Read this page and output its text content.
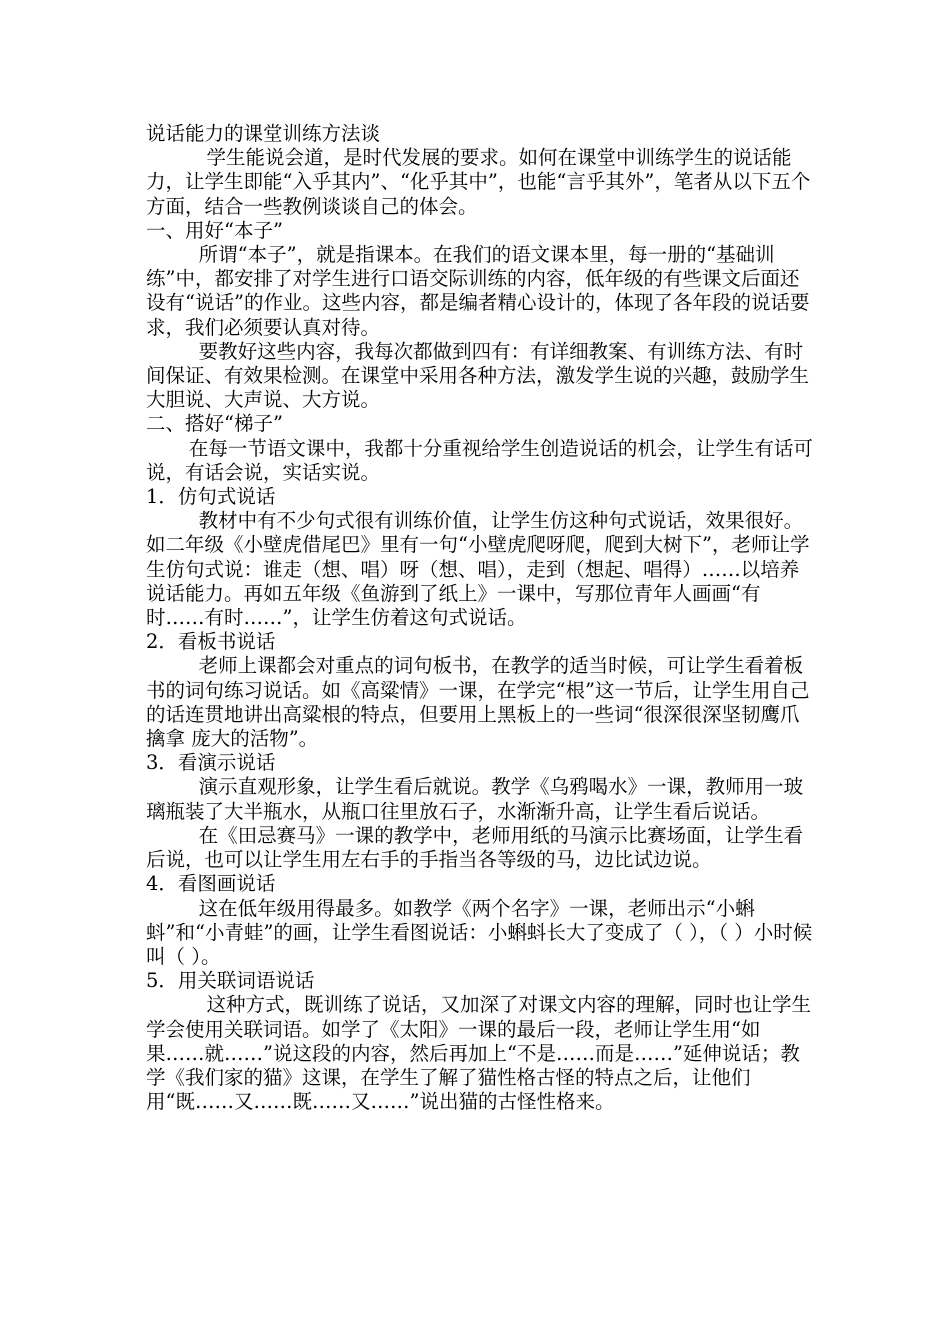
说话能力的课堂训练方法谈

学生能说会道，是时代发展的要求。如何在课堂中训练学生的说话能力，让学生即能“入乎其内”、“化乎其中”，也能“言乎其外”，笔者从以下五个方面，结合一些教例谈谈自己的体会。

一、用好“本子”

所谓“本子”，就是指课本。在我们的语文课本里，每一册的“基础训练”中，都安排了对学生进行口语交际训练的内容，低年级的有些课文后面还设有“说话”的作业。这些内容，都是编者精心设计的，体现了各年段的说话要求，我们必须要认真对待。

要教好这些内容，我每次都做到四有：有详细教案、有训练方法、有时间保证、有效果检测。在课堂中采用各种方法，激发学生说的兴趣，鼓励学生大胆说、大声说、大方说。

二、搭好“梯子”

在每一节语文课中，我都十分重视给学生创造说话的机会，让学生有话可说，有话会说，实话实说。

1．仿句式说话

教材中有不少句式很有训练价值，让学生仿这种句式说话，效果很好。如二年级《小壁虎借尾巴》里有一句“小壁虎爬呀爬，爬到大树下”，老师让学生仿句式说：谁走（想、唱）呀（想、唱），走到（想起、唱得）……以培养说话能力。再如五年级《鱼游到了纸上》一课中，写那位青年人画画“有时……有时……”，让学生仿着这句式说话。

2．看板书说话

老师上课都会对重点的词句板书，在教学的适当时候，可让学生看着板书的词句练习说话。如《高粱情》一课，在学完“根”这一节后，让学生用自己的话连贯地讲出高粱根的特点，但要用上黑板上的一些词“很深很深坚韧鹰爪擒拿 庞大的活物”。

3．看演示说话

演示直观形象，让学生看后就说。教学《乌鸦喝水》一课，教师用一玻璃瓶装了大半瓶水，从瓶口往里放石子，水渐渐升高，让学生看后说话。

在《田忌赛马》一课的教学中，老师用纸的马演示比赛场面，让学生看后说，也可以让学生用左右手的手指当各等级的马，边比试边说。

4．看图画说话

这在低年级用得最多。如教学《两个名字》一课，老师出示“小蝌蚪”和“小青蛙”的画，让学生看图说话：小蝌蚪长大了变成了（ ），（ ）小时候叫（ ）。

5．用关联词语说话

这种方式，既训练了说话，又加深了对课文内容的理解，同时也让学生学会使用关联词语。如学了《太阳》一课的最后一段，老师让学生用“如果……就……”说这段的内容，然后再加上“不是……而是……”延伸说话；教学《我们家的猫》这课，在学生了解了猫性格古怪的特点之后，让他们用“既……又……既……又……”说出猫的古怪性格来。
